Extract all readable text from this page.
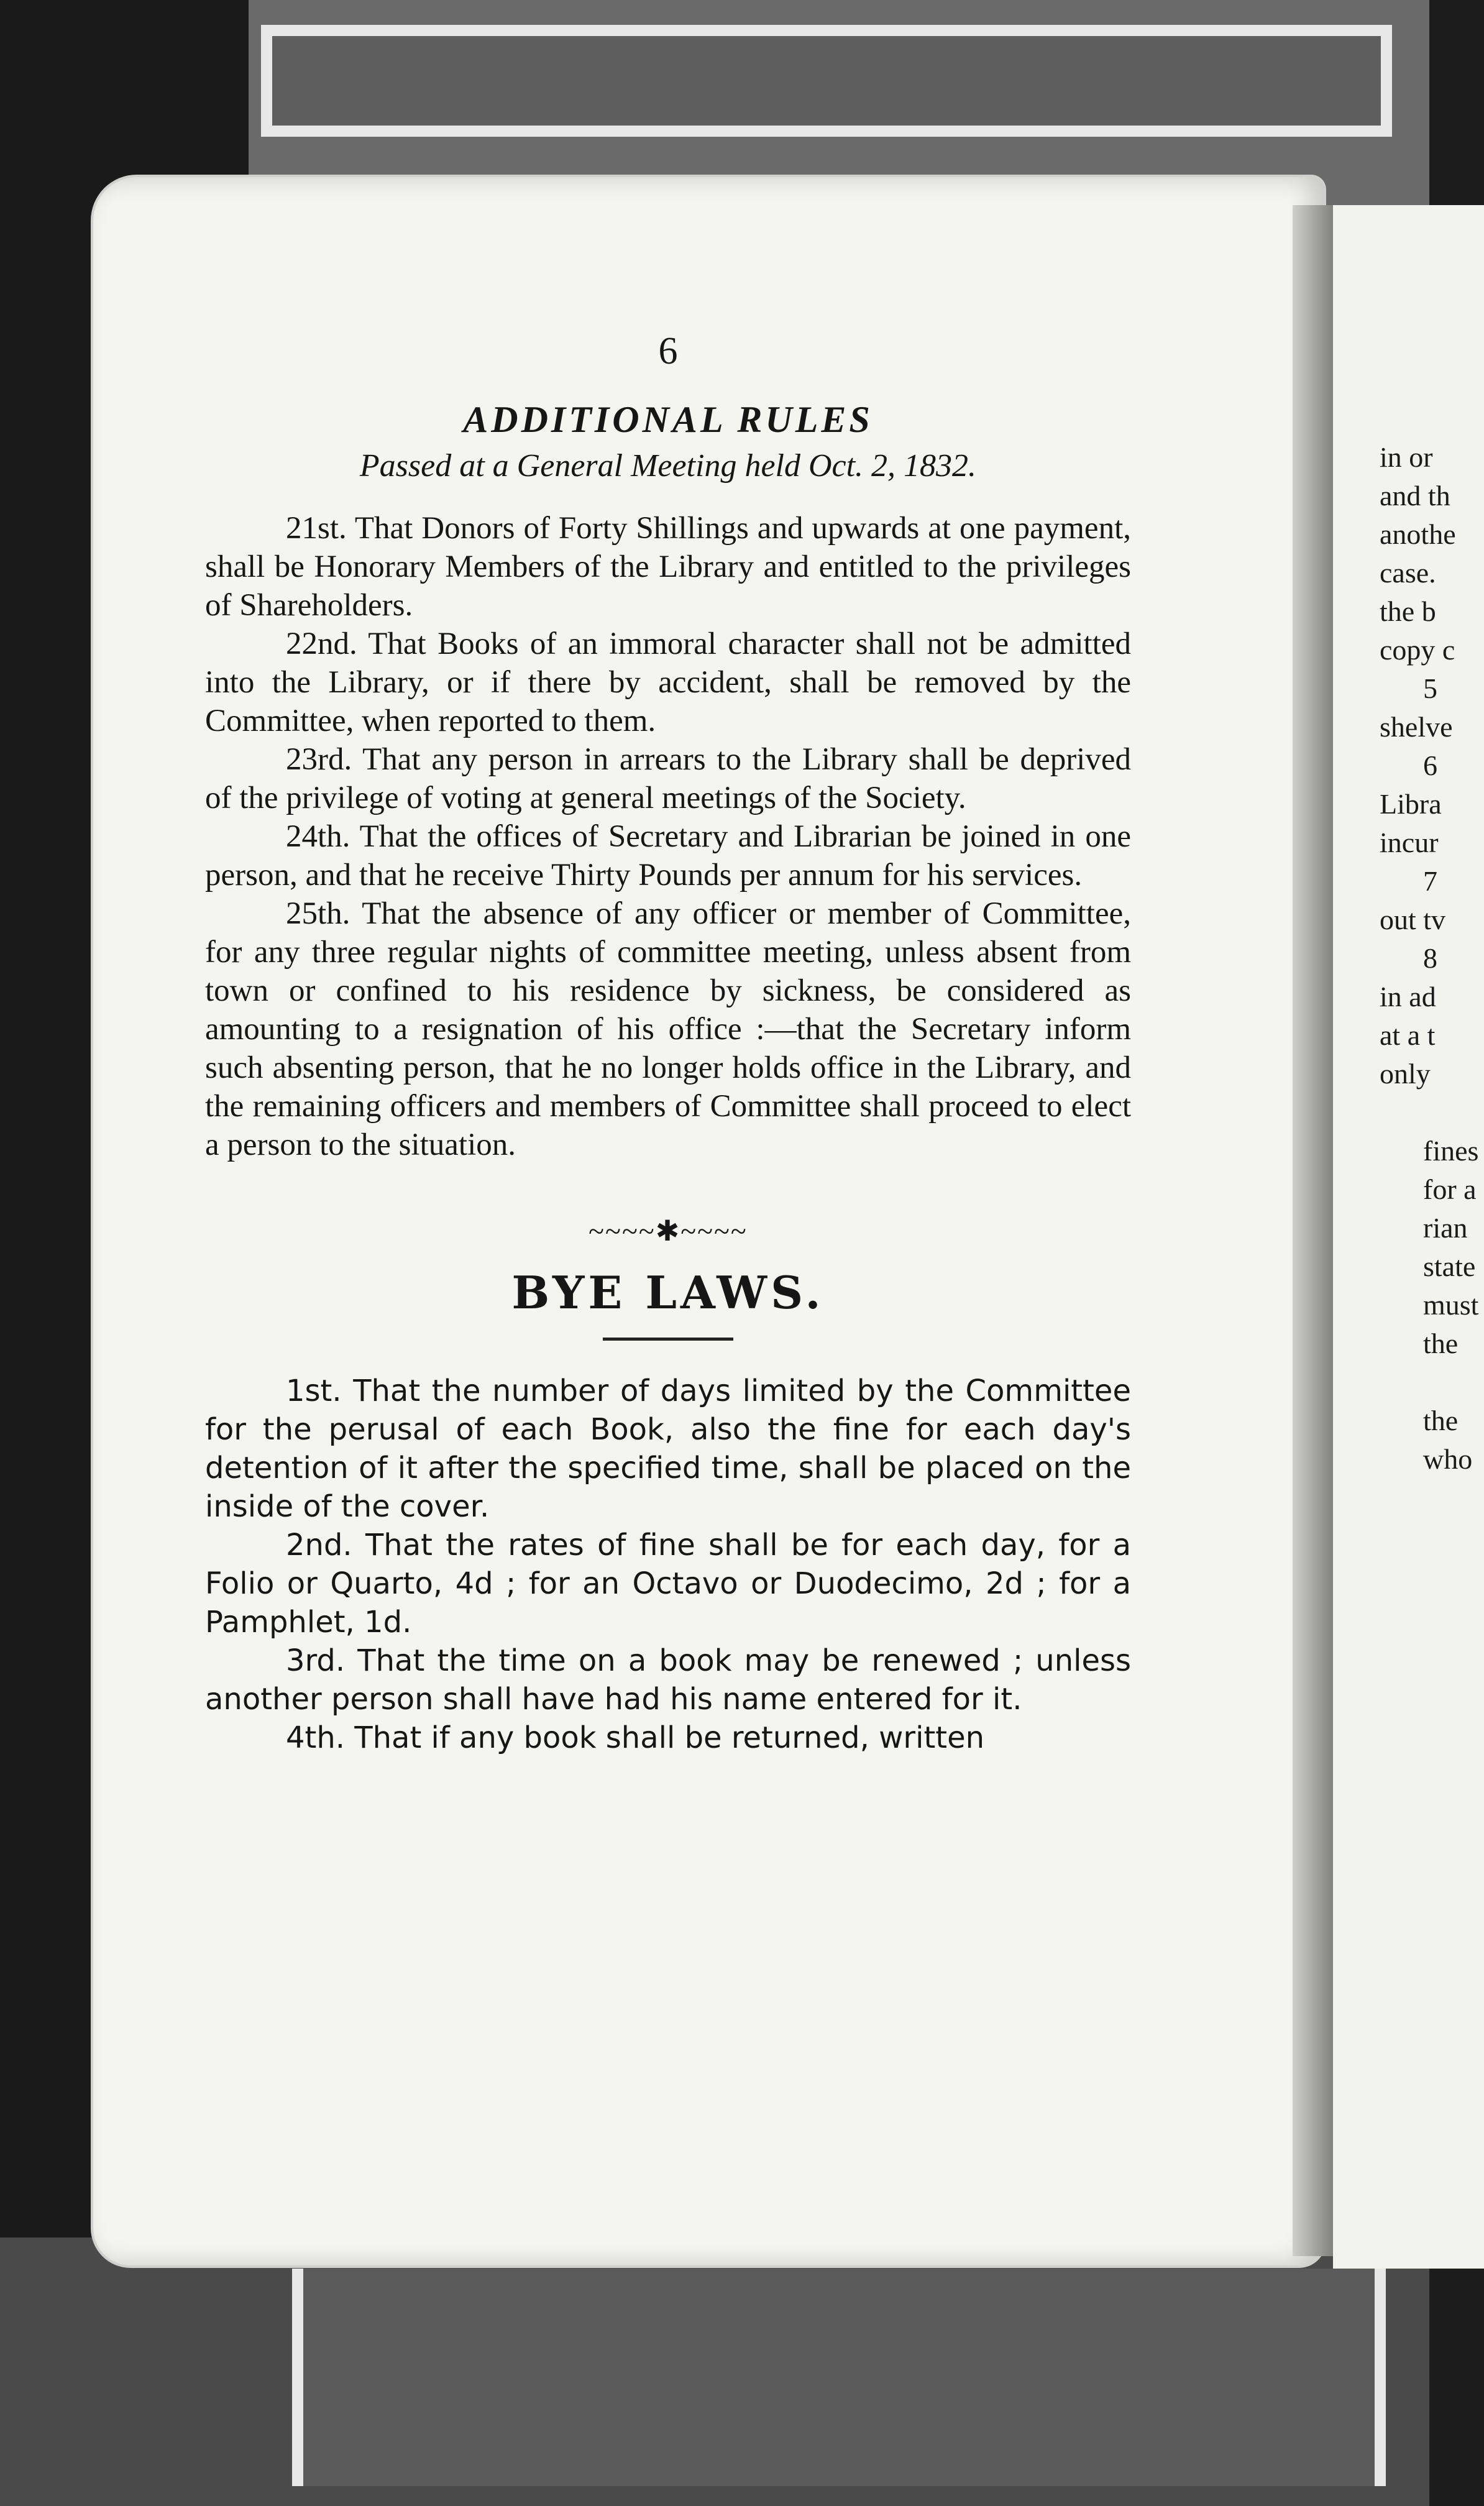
6

ADDITIONAL RULES

Passed at a General Meeting held Oct. 2, 1832.

21st. That Donors of Forty Shillings and upwards at one payment, shall be Honorary Members of the Library and entitled to the privileges of Shareholders.

22nd. That Books of an immoral character shall not be admitted into the Library, or if there by accident, shall be removed by the Committee, when reported to them.

23rd. That any person in arrears to the Library shall be deprived of the privilege of voting at general meetings of the Society.

24th. That the offices of Secretary and Librarian be joined in one person, and that he receive Thirty Pounds per annum for his services.

25th. That the absence of any officer or member of Committee, for any three regular nights of committee meeting, unless absent from town or confined to his residence by sickness, be considered as amounting to a resignation of his office :—that the Secretary inform such absenting person, that he no longer holds office in the Library, and the remaining officers and members of Committee shall proceed to elect a person to the situation.

~~~~✱~~~~

BYE LAWS.

1st. That the number of days limited by the Committee for the perusal of each Book, also the fine for each day's detention of it after the specified time, shall be placed on the inside of the cover.

2nd. That the rates of fine shall be for each day, for a Folio or Quarto, 4d ; for an Octavo or Duodecimo, 2d ; for a Pamphlet, 1d.

3rd. That the time on a book may be renewed ; unless another person shall have had his name entered for it.

4th. That if any book shall be returned, written

in or
and th
anothe
case.
the b
copy c
5
shelve
6
Libra
incur
7
out tv
8
in ad
at a t
only
fines
for a
rian
state
must
the
the
who
